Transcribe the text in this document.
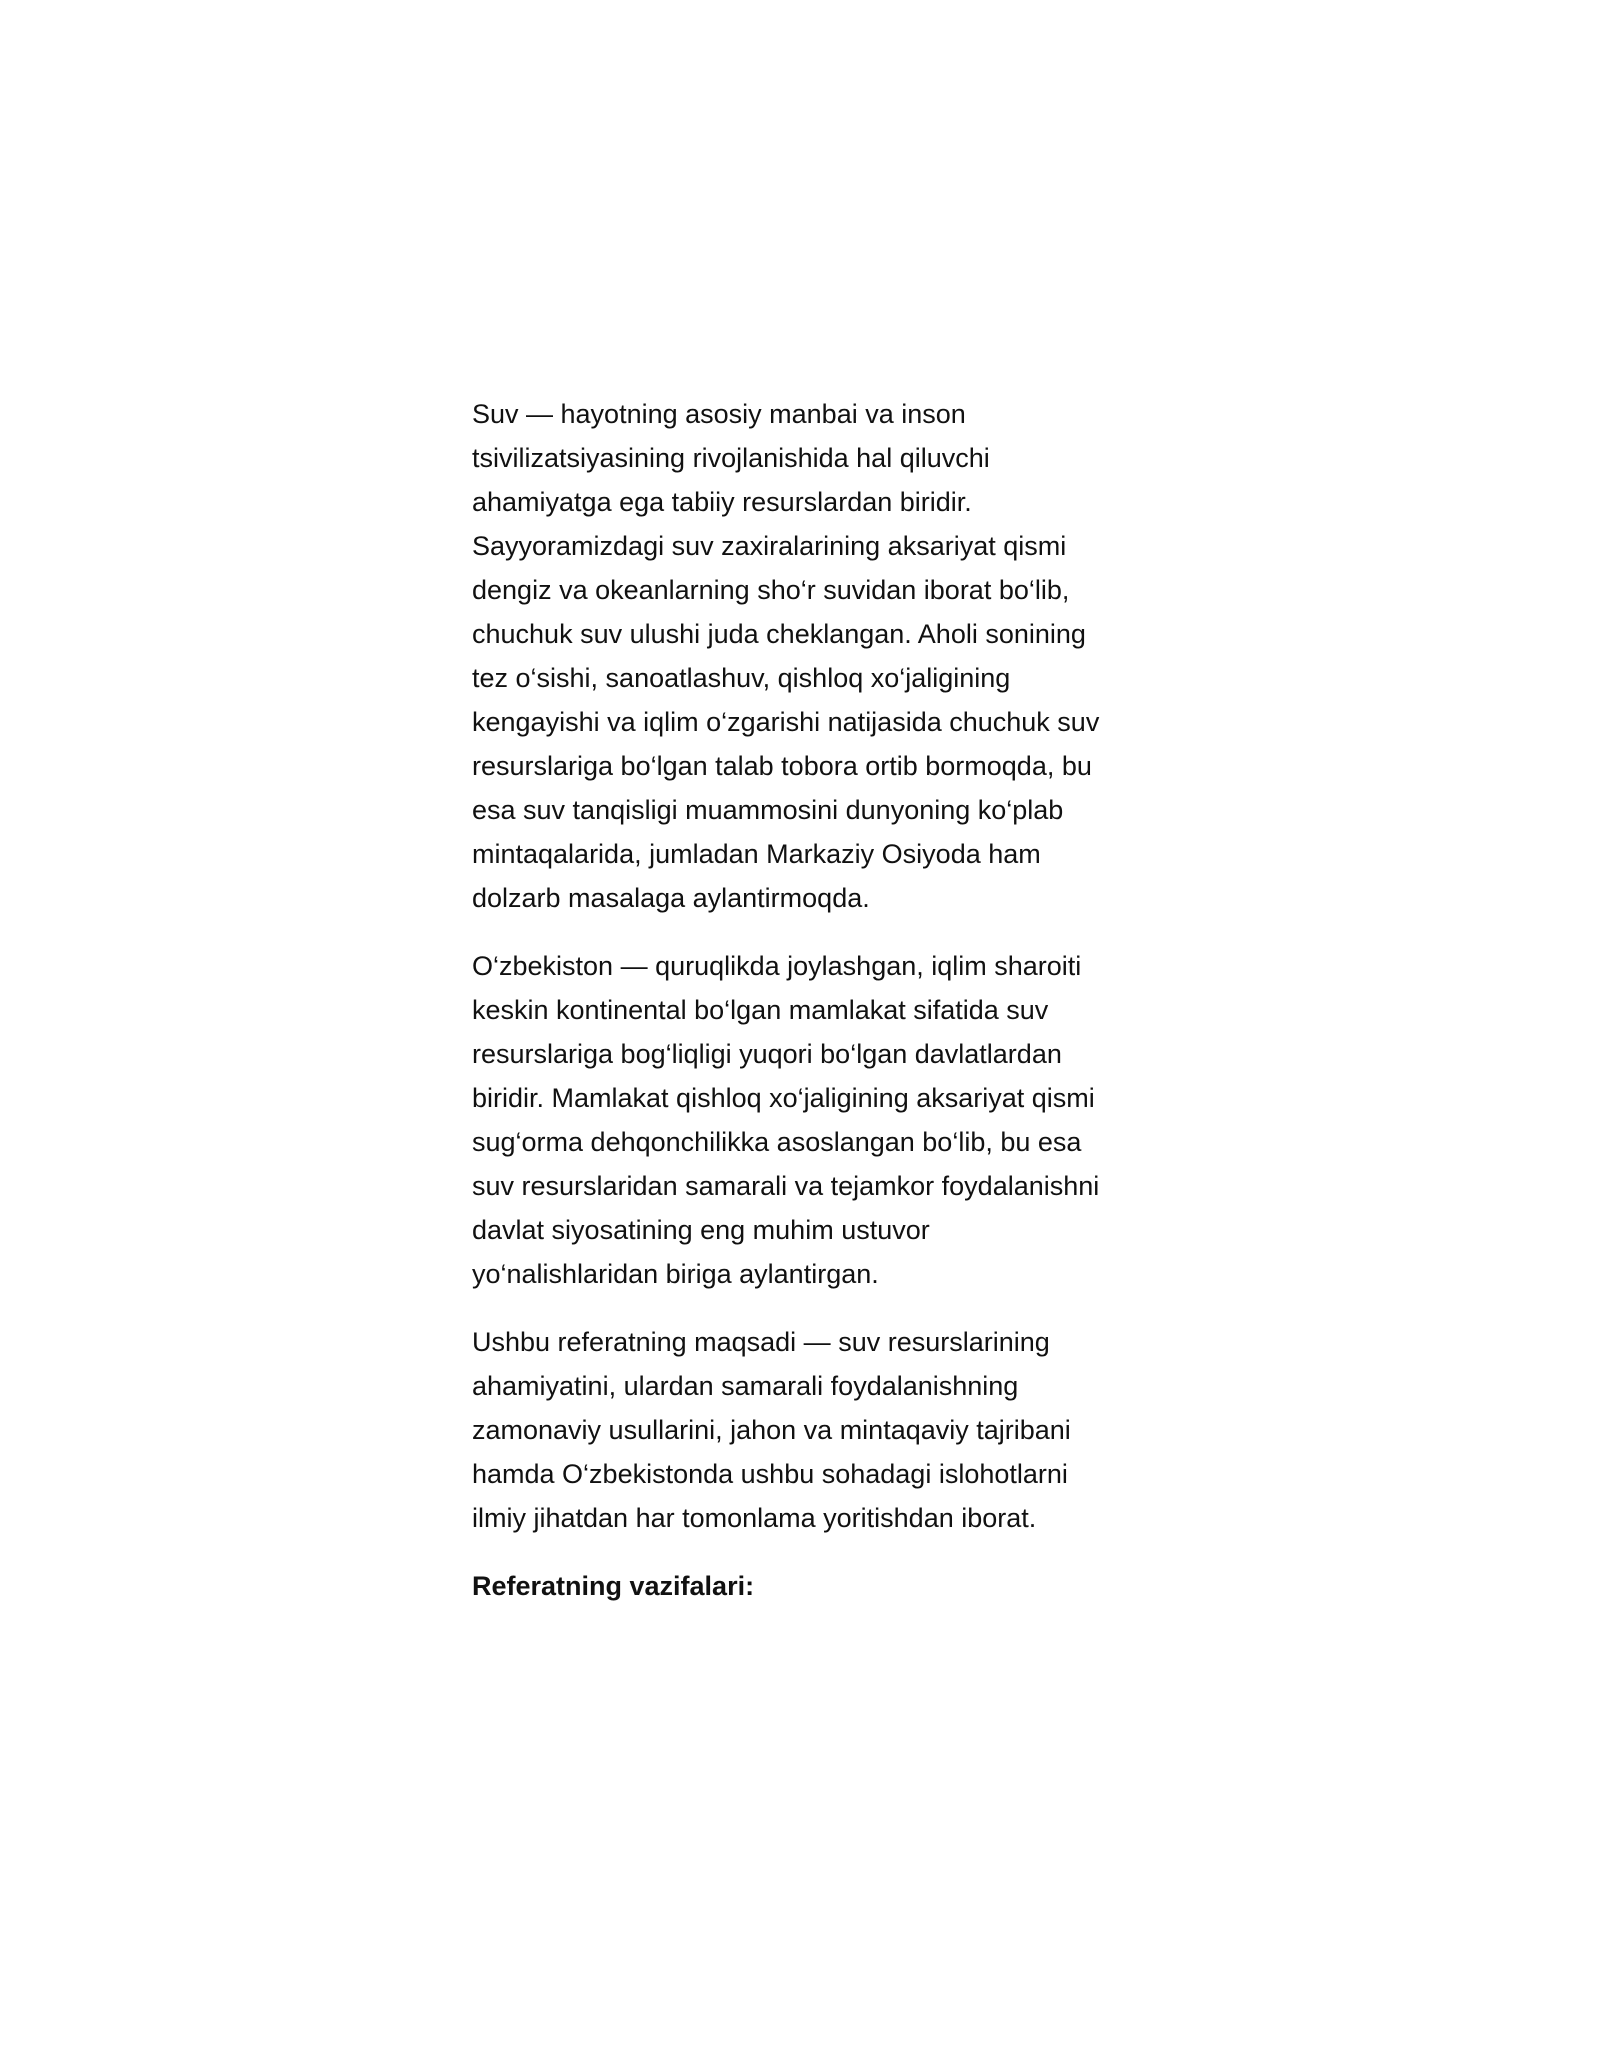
Suv — hayotning asosiy manbai va inson
tsivilizatsiyasining rivojlanishida hal qiluvchi
ahamiyatga ega tabiiy resurslardan biridir.
Sayyoramizdagi suv zaxiralarining aksariyat qismi
dengiz va okeanlarning sho‘r suvidan iborat bo‘lib,
chuchuk suv ulushi juda cheklangan. Aholi sonining
tez o‘sishi, sanoatlashuv, qishloq xo‘jaligining
kengayishi va iqlim o‘zgarishi natijasida chuchuk suv
resurslariga bo‘lgan talab tobora ortib bormoqda, bu
esa suv tanqisligi muammosini dunyoning ko‘plab
mintaqalarida, jumladan Markaziy Osiyoda ham
dolzarb masalaga aylantirmoqda.

O‘zbekiston — quruqlikda joylashgan, iqlim sharoiti
keskin kontinental bo‘lgan mamlakat sifatida suv
resurslariga bog‘liqligi yuqori bo‘lgan davlatlardan
biridir. Mamlakat qishloq xo‘jaligining aksariyat qismi
sug‘orma dehqonchilikka asoslangan bo‘lib, bu esa
suv resurslaridan samarali va tejamkor foydalanishni
davlat siyosatining eng muhim ustuvor
yo‘nalishlaridan biriga aylantirgan.

Ushbu referatning maqsadi — suv resurslarining
ahamiyatini, ulardan samarali foydalanishning
zamonaviy usullarini, jahon va mintaqaviy tajribani
hamda O‘zbekistonda ushbu sohadagi islohotlarni
ilmiy jihatdan har tomonlama yoritishdan iborat.

Referatning vazifalari:
